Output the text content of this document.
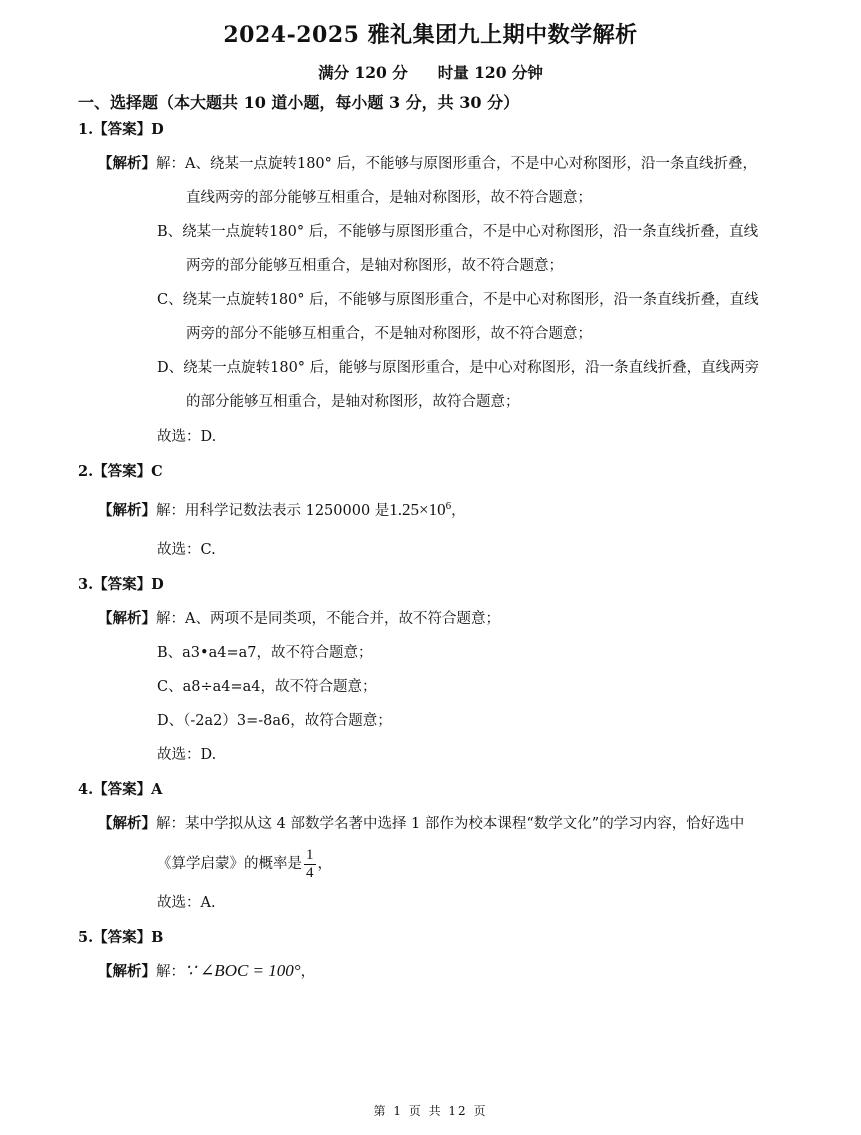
2024-2025 雅礼集团九上期中数学解析
满分 120 分 时量 120 分钟
一、选择题（本大题共 10 道小题，每小题 3 分，共 30 分）
1.【答案】D
【解析】解：A、绕某一点旋转180° 后，不能够与原图形重合，不是中心对称图形，沿一条直线折叠，
直线两旁的部分能够互相重合，是轴对称图形，故不符合题意；
B、绕某一点旋转180° 后，不能够与原图形重合，不是中心对称图形，沿一条直线折叠，直线
两旁的部分能够互相重合，是轴对称图形，故不符合题意；
C、绕某一点旋转180° 后，不能够与原图形重合，不是中心对称图形，沿一条直线折叠，直线
两旁的部分不能够互相重合，不是轴对称图形，故不符合题意；
D、绕某一点旋转180° 后，能够与原图形重合，是中心对称图形，沿一条直线折叠，直线两旁
的部分能够互相重合，是轴对称图形，故符合题意；
故选：D.
2.【答案】C
【解析】解：用科学记数法表示 1250000 是$1.25\times 10^6$，
故选：C.
3.【答案】D
【解析】解：A、两项不是同类项，不能合并，故不符合题意；
B、a3•a4=a7，故不符合题意；
C、a8÷a4=a4，故不符合题意；
D、（-2a2）3=-8a6，故符合题意；
故选：D.
4.【答案】A
【解析】解：某中学拟从这 4 部数学名著中选择 1 部作为校本课程“数学文化”的学习内容，恰好选中
《算学启蒙》的概率是 $\frac{1}{4}$ ，
故选：A.
5.【答案】B
【解析】解：∵ ∠BOC = 100°，
第 1 页 共 12 页
